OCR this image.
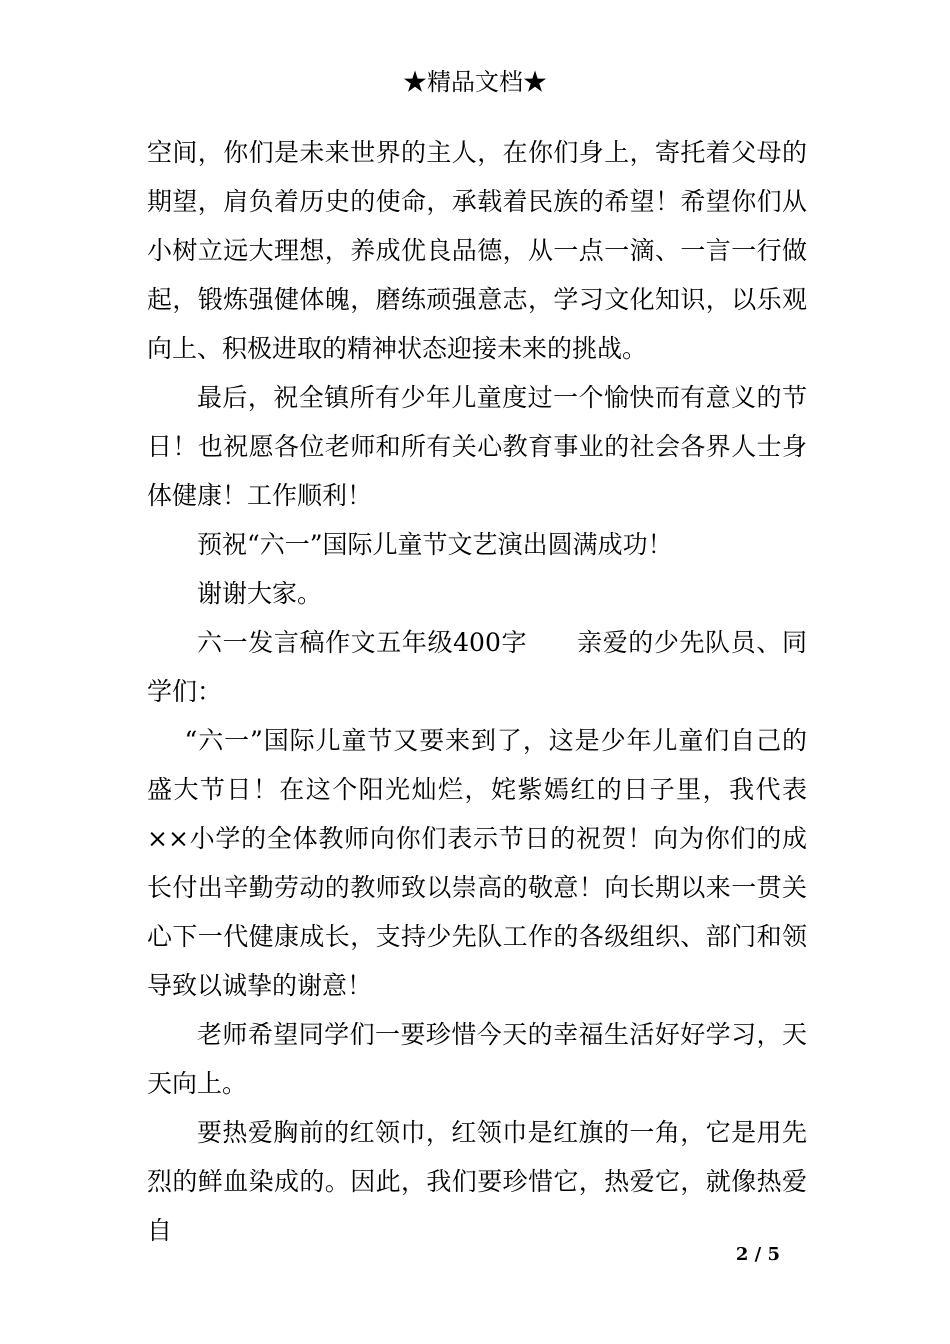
★精品文档★

空间，你们是未来世界的主人，在你们身上，寄托着父母的期望，肩负着历史的使命，承载着民族的希望！希望你们从小树立远大理想，养成优良品德，从一点一滴、一言一行做起，锻炼强健体魄，磨练顽强意志，学习文化知识，以乐观向上、积极进取的精神状态迎接未来的挑战。

最后，祝全镇所有少年儿童度过一个愉快而有意义的节日！也祝愿各位老师和所有关心教育事业的社会各界人士身体健康！工作顺利！

预祝“六一”国际儿童节文艺演出圆满成功！

谢谢大家。

六一发言稿作文五年级400字 亲爱的少先队员、同学们：

“六一”国际儿童节又要来到了，这是少年儿童们自己的盛大节日！在这个阳光灿烂，姹紫嫣红的日子里，我代表××小学的全体教师向你们表示节日的祝贺！向为你们的成长付出辛勤劳动的教师致以崇高的敬意！向长期以来一贯关心下一代健康成长，支持少先队工作的各级组织、部门和领导致以诚挚的谢意！

老师希望同学们一要珍惜今天的幸福生活好好学习，天天向上。

要热爱胸前的红领巾，红领巾是红旗的一角，它是用先烈的鲜血染成的。因此，我们要珍惜它，热爱它，就像热爱自

2 / 5
